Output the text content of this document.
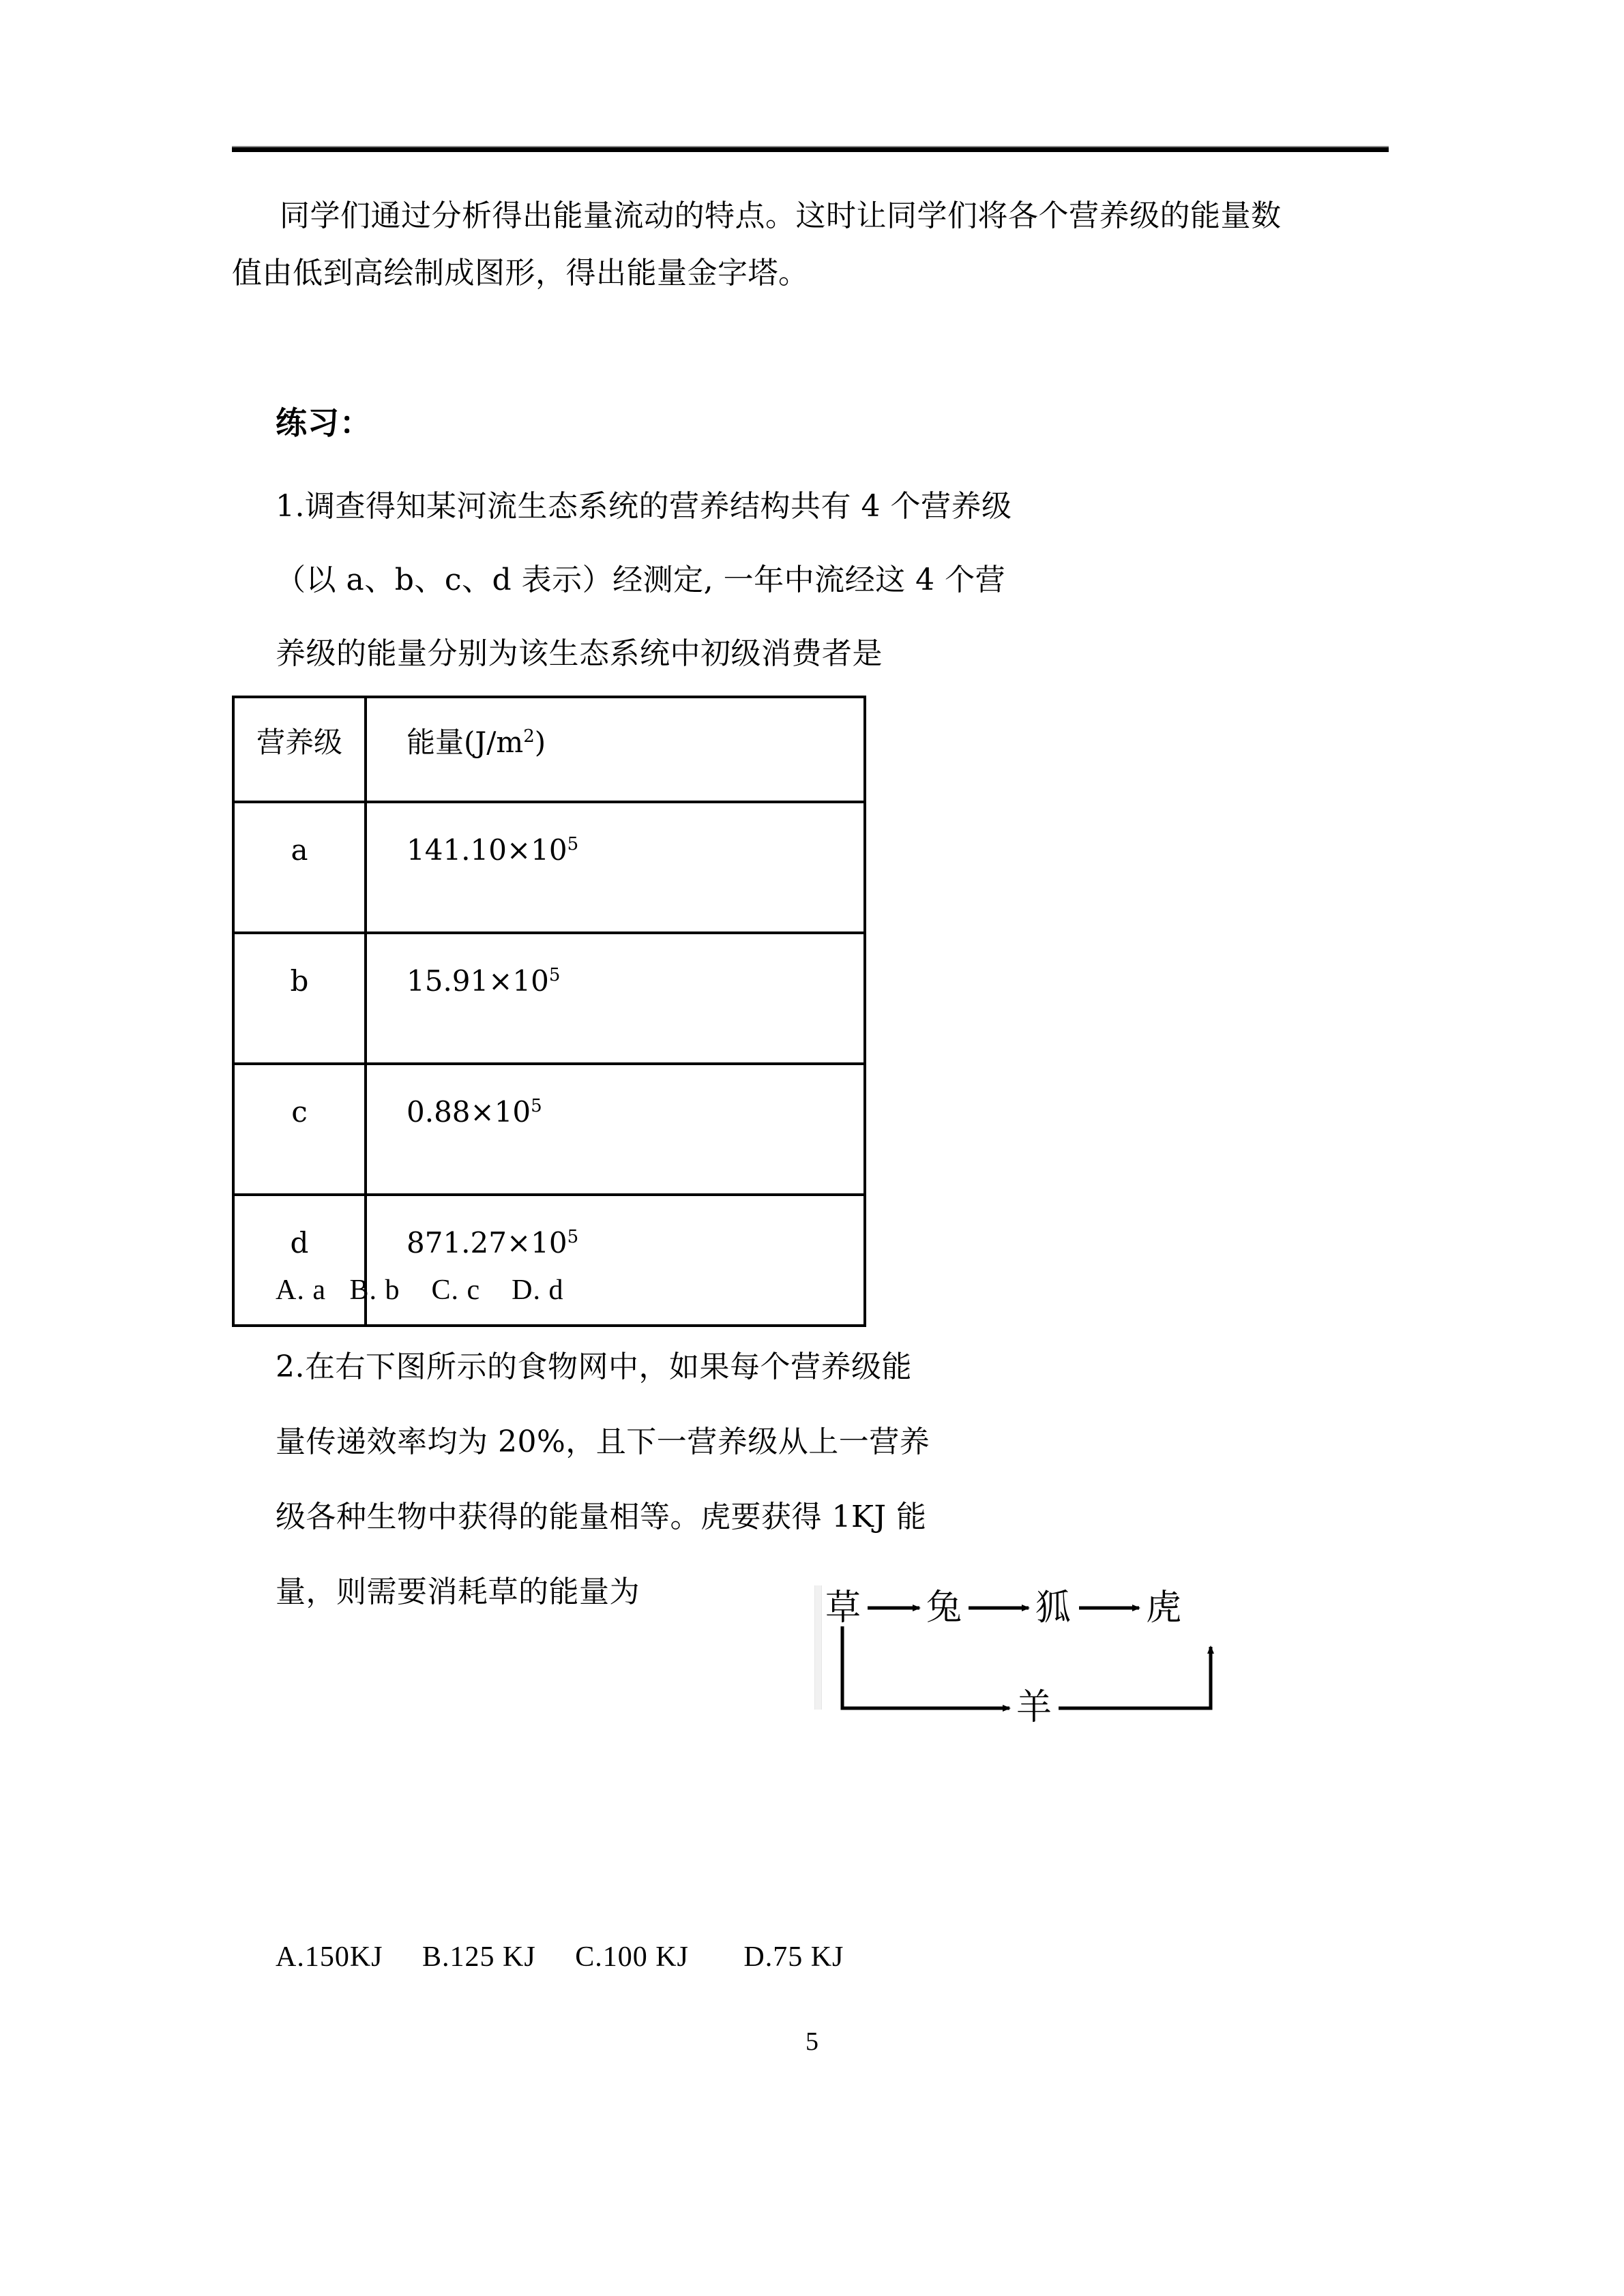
同学们通过分析得出能量流动的特点。这时让同学们将各个营养级的能量数
值由低到高绘制成图形，得出能量金字塔。
练习：
1.调查得知某河流生态系统的营养结构共有 4 个营养级
（以 a、b、c、d 表示）经测定, 一年中流经这 4 个营
养级的能量分别为该生态系统中初级消费者是
营养级	能量$(J/m^2)$
a	$141.10\times 10^5$
b	$15.91\times 10^5$
c	$0.88\times 10^5$
d	$871.27\times 10^5$
A. a   B. b    C. c    D. d
2.在右下图所示的食物网中，如果每个营养级能
量传递效率均为 20%，且下一营养级从上一营养
级各种生物中获得的能量相等。虎要获得 1KJ 能
量，则需要消耗草的能量为	草 兔 狐 虎
羊
A.150KJ     B.125 KJ     C.100 KJ       D.75 KJ
5
